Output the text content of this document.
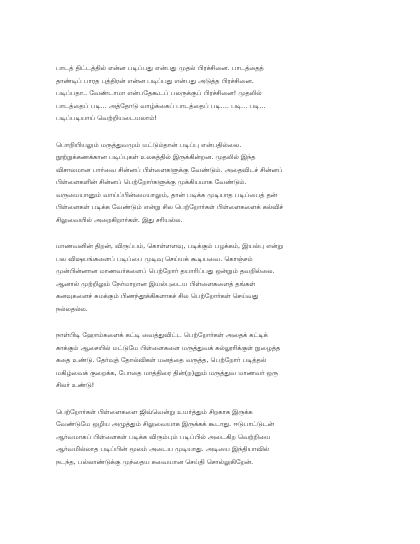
பாடத் திட்டத்தில் என்ன படிப்பது என்பது முதல் பிரச்சினை. பாடத்தைத்
தாண்டிப் பாரத புத்திரன் என்ன படிப்பது என்பது அடுத்த பிரச்சினை.
படிப்பதா.. வேண்டாமா என்பதேகூடப் பலருக்குப் பிரச்சினை! முதலில்
பாடத்தைப் படி... அத்தோடு வாழ்க்கைப் பாடத்தைப் படி.... படி... படி...
படிப்படியாய் வெற்றியடையலாம்!

பொறியியலும் மருத்துவமும் மட்டும்தான் படிப்பு என்பதில்லை.
நூற்றுக்கணக்கான படிப்புகள் உலகத்தில் இருக்கின்றன. முதலில் இந்த
விசாலமான பார்வை சின்னப் பிள்ளைகளுக்கு வேண்டும். அதைவிடச் சின்னப்
பிள்ளைகளின் சின்னப் பெற்றோர்களுக்கு முக்கியமாக வேண்டும்.
வருமையானும் வாய்ப்பின்மையாலும், தான் படிக்க முடியாத படிப்பைத் தன்
பிள்ளைகள் படிக்க வேண்டும் என்று சில பெற்றோர்கள் பிள்ளைகளைக் கல்விச்
சிலுவையில் அறைகிறார்கள். இது சரியல்ல.

மாணவனின் திறன், விருப்பம், கொள்ளளவு, படிக்கும் பழக்கம், இயல்பு என்று
பல விஷயங்களைப் படிப்பை முடிவு செய்யக் கூடியவை. கொஞ்சம்
முன்பின்னான மாணவர்களைப் பெற்றோர் தயாரிப்பது ஒன்றும் தவறில்லை.
ஆனால் முற்றிலும் நேர்மாறான இயல்புடைய பிள்ளைகளைத் தங்கள்
கனவுகளைச் சுமக்கும் பிணந்தூக்கிகளாகச் சில பெற்றோர்கள் செய்வது
நல்லதல்ல.

நாள்பிடி ஹோம்களைக் கட்டி வைத்துவிட்ட பெற்றோர்கள் அதைக் கட்டிக்
காக்கும் ஆசையில் மட்டுமே பிள்ளைகளை மருத்துவக் கல்லூரிக்குள் நுழைத்த
கதை உண்டு. தேர்வுத் தோல்விகள் மனத்தை வருத்த, பெற்றோர் படித்தல்
மகிழ்வைக் குறைக்க, போதை மாத்திரை தின்(ற)னும் மருத்துவ மாணவர் ஒரு
சிலர் உண்டு!

பெற்றோர்கள் பிள்ளைகளை ஜிவ்வென்று உயர்த்தும் சிறகாக இருக்க
வேண்டுமே ஒழிய அழுத்தும் சிலுவையாக இருக்கக் கூடாது. ஈடுபாட்டுடன்
ஆர்வமாகப் பிள்ளைகள் படிக்க விரும்பும் படிப்பில் அடைகிற வெற்றியை
ஆர்வமில்லாத படிப்பின் மூலம் அடைய முடியாது. அடியை இந்தியாவில்
நடந்த, பல்லாண்டுக்கு முந்தைய சுவையான செய்தி சொல்லுகிறேன்.
